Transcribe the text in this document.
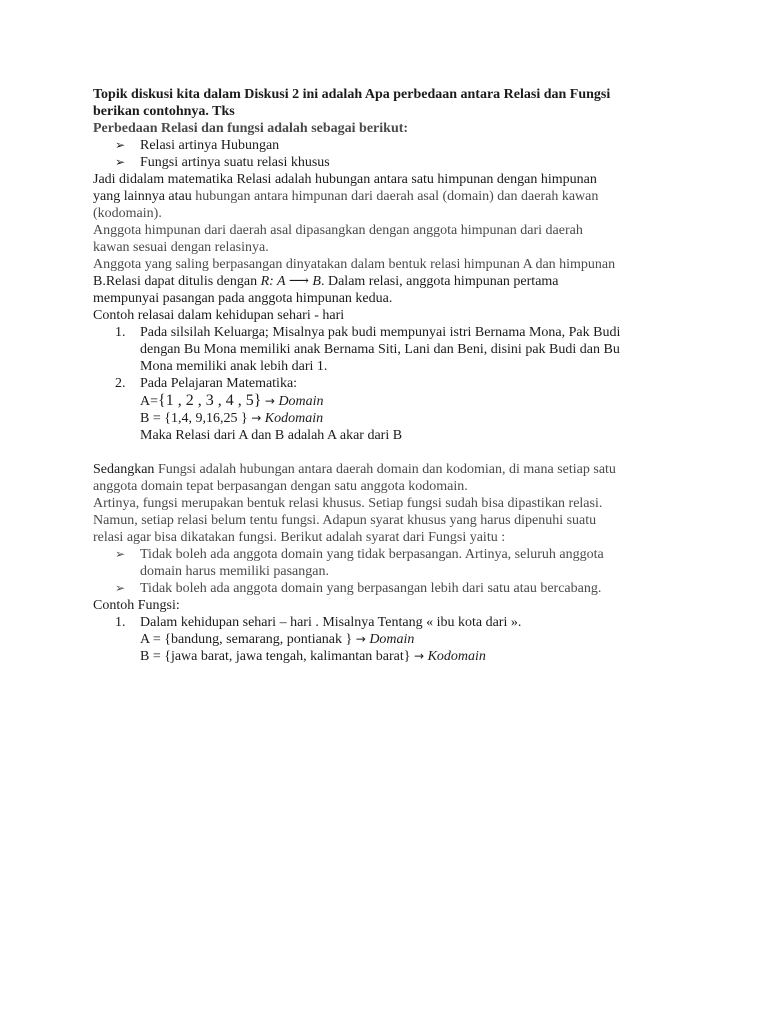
Topik diskusi kita dalam Diskusi 2 ini adalah Apa perbedaan antara Relasi dan Fungsi

berikan contohnya. Tks

Perbedaan Relasi dan fungsi adalah sebagai berikut:

➢ Relasi artinya Hubungan
➢ Fungsi artinya suatu relasi khusus

Jadi didalam matematika Relasi adalah hubungan antara satu himpunan dengan himpunan
yang lainnya atau hubungan antara himpunan dari daerah asal (domain) dan daerah kawan
(kodomain).

Anggota himpunan dari daerah asal dipasangkan dengan anggota himpunan dari daerah
kawan sesuai dengan relasinya.

Anggota yang saling berpasangan dinyatakan dalam bentuk relasi himpunan A dan himpunan
B.Relasi dapat ditulis dengan R: A ⟶ B. Dalam relasi, anggota himpunan pertama
mempunyai pasangan pada anggota himpunan kedua.

Contoh relasai dalam kehidupan sehari - hari

1. Pada silsilah Keluarga; Misalnya pak budi mempunyai istri Bernama Mona, Pak Budi
dengan Bu Mona memiliki anak Bernama Siti, Lani dan Beni, disini pak Budi dan Bu
Mona memiliki anak lebih dari 1.
2. Pada Pelajaran Matematika:

A={1 , 2 , 3 , 4 , 5} → Domain

B = {1,4, 9,16,25 } → Kodomain

Maka Relasi dari A dan B adalah A akar dari B

Sedangkan Fungsi adalah hubungan antara daerah domain dan kodomian, di mana setiap satu
anggota domain tepat berpasangan dengan satu anggota kodomain.

Artinya, fungsi merupakan bentuk relasi khusus. Setiap fungsi sudah bisa dipastikan relasi.
Namun, setiap relasi belum tentu fungsi. Adapun syarat khusus yang harus dipenuhi suatu
relasi agar bisa dikatakan fungsi. Berikut adalah syarat dari Fungsi yaitu :

➢ Tidak boleh ada anggota domain yang tidak berpasangan. Artinya, seluruh anggota
domain harus memiliki pasangan.
➢ Tidak boleh ada anggota domain yang berpasangan lebih dari satu atau bercabang.

Contoh Fungsi:

1. Dalam kehidupan sehari – hari . Misalnya Tentang « ibu kota dari ».

A = {bandung, semarang, pontianak } → Domain

B = {jawa barat, jawa tengah, kalimantan barat} → Kodomain
